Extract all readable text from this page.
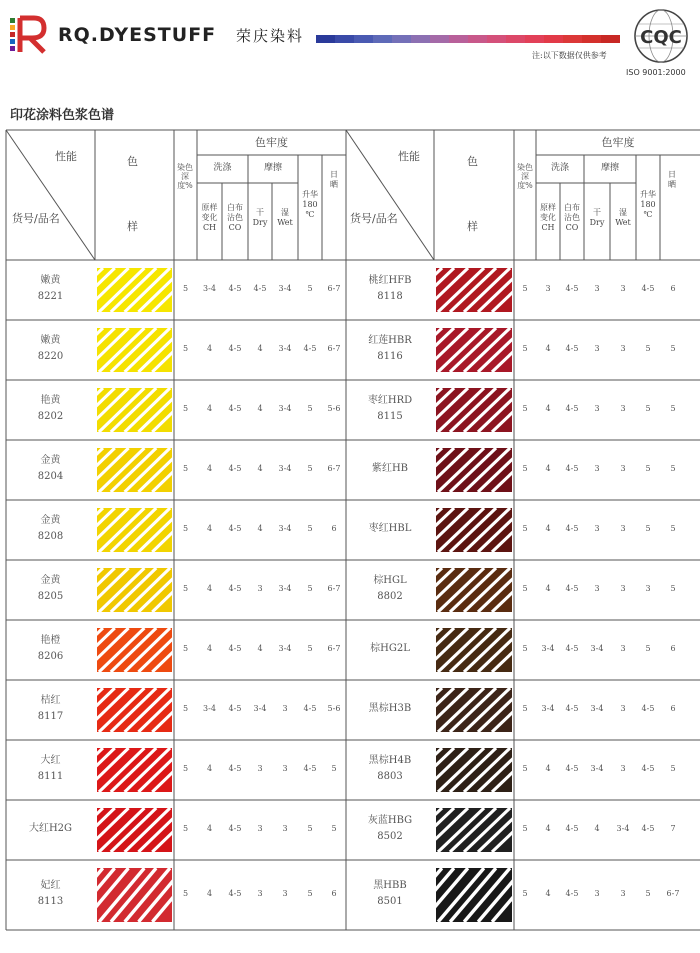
RQ.DYESTUFF 荣庆染料
注:以下数据仅供参考
CQC
ISO 9001:2000
印花涂料色浆色谱
性能
货号/品名
色
样
染色深度%
色牢度
洗涤	摩擦
原样
变化
CH
白布
沾色
CO
干
Dry
湿
Wet
升华
180
℃
日
晒
性能
货号/品名
色
样
染色深度%
色牢度
洗涤	摩擦
原样
变化
CH
白布
沾色
CO
干
Dry
湿
Wet
升华
180
℃
日
晒
嫩黄
8221
5	3-4	4-5	4-5	3-4	5	6-7
嫩黄
8220
5	4	4-5	4	3-4	4-5	6-7
艳黄
8202
5	4	4-5	4	3-4	5	5-6
金黄
8204
5	4	4-5	4	3-4	5	6-7
金黄
8208
5	4	4-5	4	3-4	5	6
金黄
8205
5	4	4-5	3	3-4	5	6-7
艳橙
8206
5	4	4-5	4	3-4	5	6-7
桔红
8117
5	3-4	4-5	3-4	3	4-5	5-6
大红
8111
5	4	4-5	3	3	4-5	5
大红H2G	5	4	4-5	3	3	5	5
妃红
8113
5	4	4-5	3	3	5	6
桃红HFB
8118
5	3	4-5	3	3	4-5	6
红莲HBR
8116
5	4	4-5	3	3	5	5
枣红HRD
8115
5	4	4-5	3	3	5	5
紫红HB	5	4	4-5	3	3	5	5
枣红HBL	5	4	4-5	3	3	5	5
棕HGL
8802
5	4	4-5	3	3	3	5
棕HG2L	5	3-4	4-5	3-4	3	5	6
黑棕H3B	5	3-4	4-5	3-4	3	4-5	6
黑棕H4B
8803
5	4	4-5	3-4	3	4-5	5
灰蓝HBG
8502
5	4	4-5	4	3-4	4-5	7
黑HBB
8501
5	4	4-5	3	3	5	6-7
